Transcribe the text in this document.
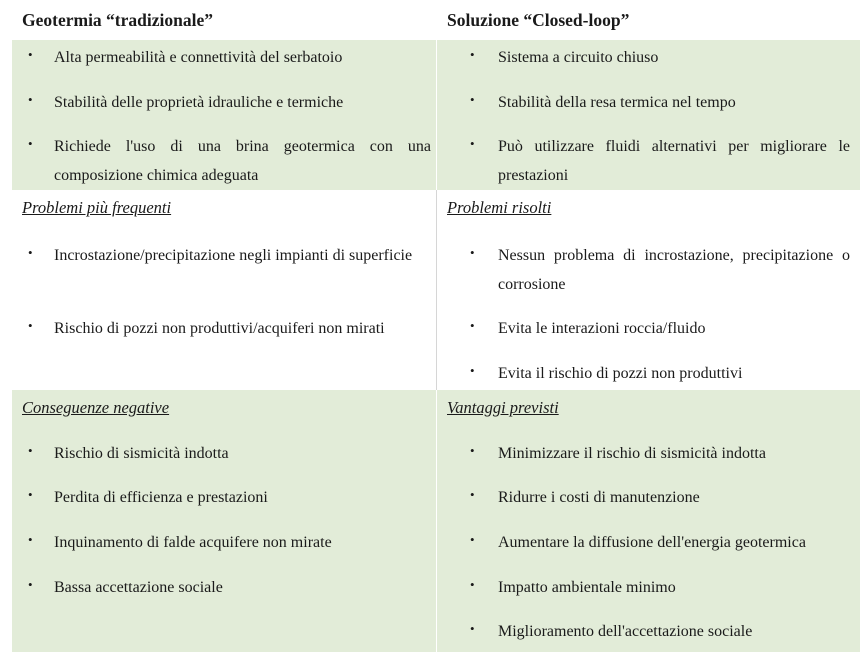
Geotermia “tradizionale”	Soluzione “Closed-loop”
• Alta permeabilità e connettività del serbatoio
• Stabilità delle proprietà idrauliche e termiche
• Richiede l'uso di una brina geotermica con una composizione chimica adeguata
• Sistema a circuito chiuso
• Stabilità della resa termica nel tempo
• Può utilizzare fluidi alternativi per migliorare le prestazioni
Problemi più frequenti
• Incrostazione/precipitazione negli impianti di superficie
• Rischio di pozzi non produttivi/acquiferi non mirati
Problemi risolti
• Nessun problema di incrostazione, precipitazione o corrosione
• Evita le interazioni roccia/fluido
• Evita il rischio di pozzi non produttivi
Conseguenze negative
• Rischio di sismicità indotta
• Perdita di efficienza e prestazioni
• Inquinamento di falde acquifere non mirate
• Bassa accettazione sociale
Vantaggi previsti
• Minimizzare il rischio di sismicità indotta
• Ridurre i costi di manutenzione
• Aumentare la diffusione dell'energia geotermica
• Impatto ambientale minimo
• Miglioramento dell'accettazione sociale
